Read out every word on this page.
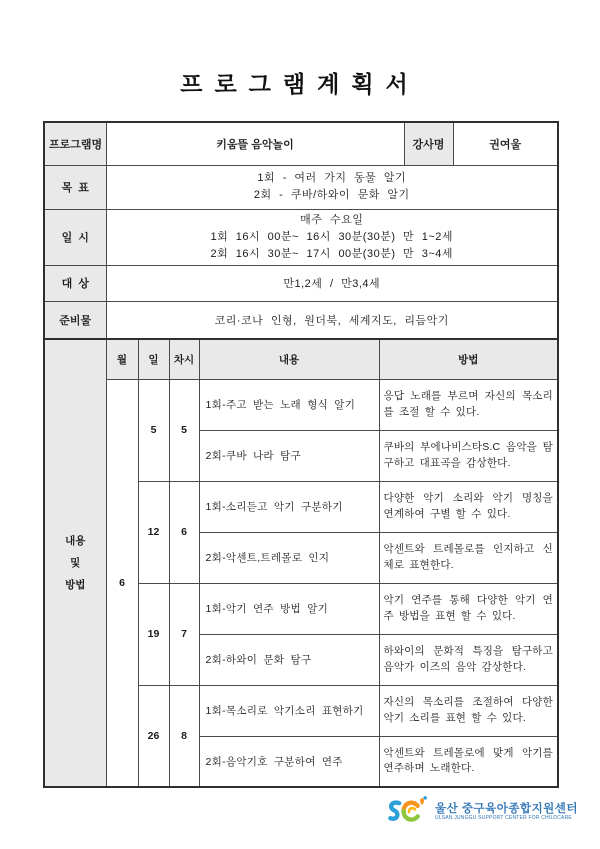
프로그램계획서
프로그램명	키움뜰 음악놀이	강사명	권여울
목  표	1회 - 여러 가지 동물 알기
2회 - 쿠바/하와이 문화 알기		

일  시	매주 수요일
1회 16시 00분~ 16시 30분(30분) 만 1~2세
2회 16시 30분~ 17시 00분(30분) 만 3~4세		

대  상	만1,2세 / 만3,4세		
준비물	코리·코나 인형, 원더북, 세계지도, 리듬악기		
내용
및
방법	월	일	차시	내용	방법
	6	5	5	1회-주고 받는 노래 형식 알기	응답 노래를 부르며 자신의 목소리를 조절 할 수 있다.
				2회-쿠바 나라 탐구	쿠바의 부에나비스타S.C 음악을 탐구하고 대표곡을 감상한다.
		12	6	1회-소리듣고 악기 구분하기	다양한 악기 소리와 악기 명칭을 연계하여 구별 할 수 있다.
				2회-악센트,트레몰로 인지	악센트와 트레몰로를 인지하고 신체로 표현한다.
		19	7	1회-악기 연주 방법 알기	악기 연주를 통해 다양한 악기 연주 방법을 표현 할 수 있다.
				2회-하와이 문화 탐구	하와이의 문화적 특징을 탐구하고 음악가 이즈의 음악 감상한다.
		26	8	1회-목소리로 악기소리 표현하기	자신의 목소리를 조절하여 다양한 악기 소리를 표현 할 수 있다.
				2회-음악기호 구분하여 연주	악센트와 트레몰로에 맞게 악기를 연주하며 노래한다.
울산 중구육아종합지원센터
ULSAN JUNGGU SUPPORT CENTER FOR CHILDCARE
